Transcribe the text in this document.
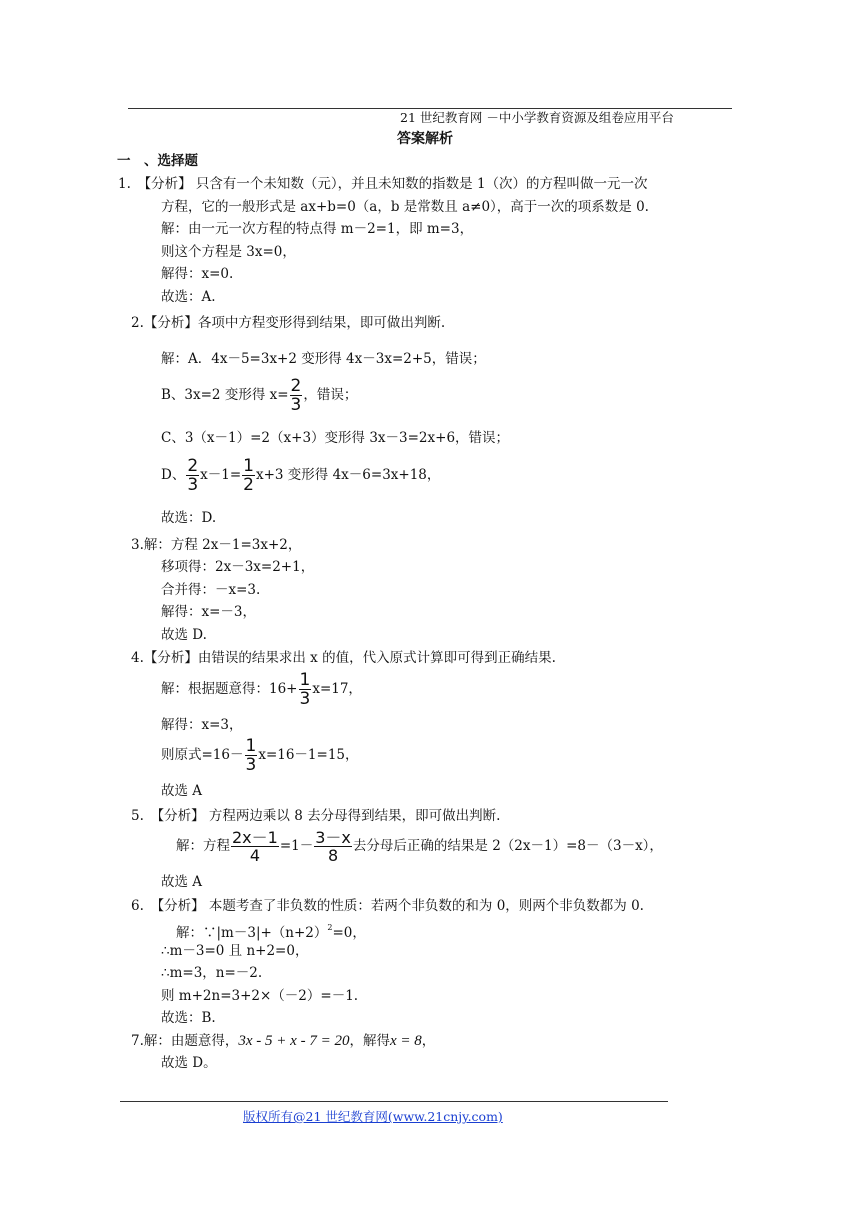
21 世纪教育网 －中小学教育资源及组卷应用平台
答案解析
一　、选择题
1.　【分析】 只含有一个未知数（元），并且未知数的指数是 1（次）的方程叫做一元一次
方程，它的一般形式是 ax+b=0（a，b 是常数且 a≠0），高于一次的项系数是 0.
解：由一元一次方程的特点得 m－2=1，即 m=3，
则这个方程是 3x=0，
解得：x=0.
故选：A.
2.【分析】各项中方程变形得到结果，即可做出判断.
解：A．4x－5=3x+2 变形得 4x－3x=2+5，错误；
B、3x=2 变形得 $x= \frac{2}{3}$ ，错误；
C、3（x－1）=2（x+3）变形得 3x－3=2x+6，错误；
D、 $\frac{2}{3} x-1= \frac{1}{2} x+3$ 变形得 4x－6=3x+18，
故选：D.
3.解：方程 2x－1=3x+2，
移项得：2x－3x=2+1，
合并得：－x=3.
解得：x=－3，
故选 D.
4.【分析】由错误的结果求出 x 的值，代入原式计算即可得到正确结果.
解：根据题意得：$16+ \frac{1}{3} x=17$，
解得：x=3，
则原式$=16- \frac{1}{3} x=16-1=15$，
故选 A
5.　【分析】 方程两边乘以 8 去分母得到结果，即可做出判断.
解：方程 $\frac{2x-1}{4} =1- \frac{3-x}{8}$ 去分母后正确的结果是 2（2x－1）=8－（3－x），
故选 A
6.　【分析】 本题考查了非负数的性质：若两个非负数的和为 0，则两个非负数都为 0.
解：$\because|m-3|+(n+2)^2=0$，
∴m－3=0 且 n+2=0，
∴m=3，n=－2.
则 m+2n=3+2×（－2）=－1.
故选：B.
7.解：由题意得，3x - 5 + x - 7 = 20，解得x = 8，
故选 D。
版权所有@21 世纪教育网(www.21cnjy.com)
